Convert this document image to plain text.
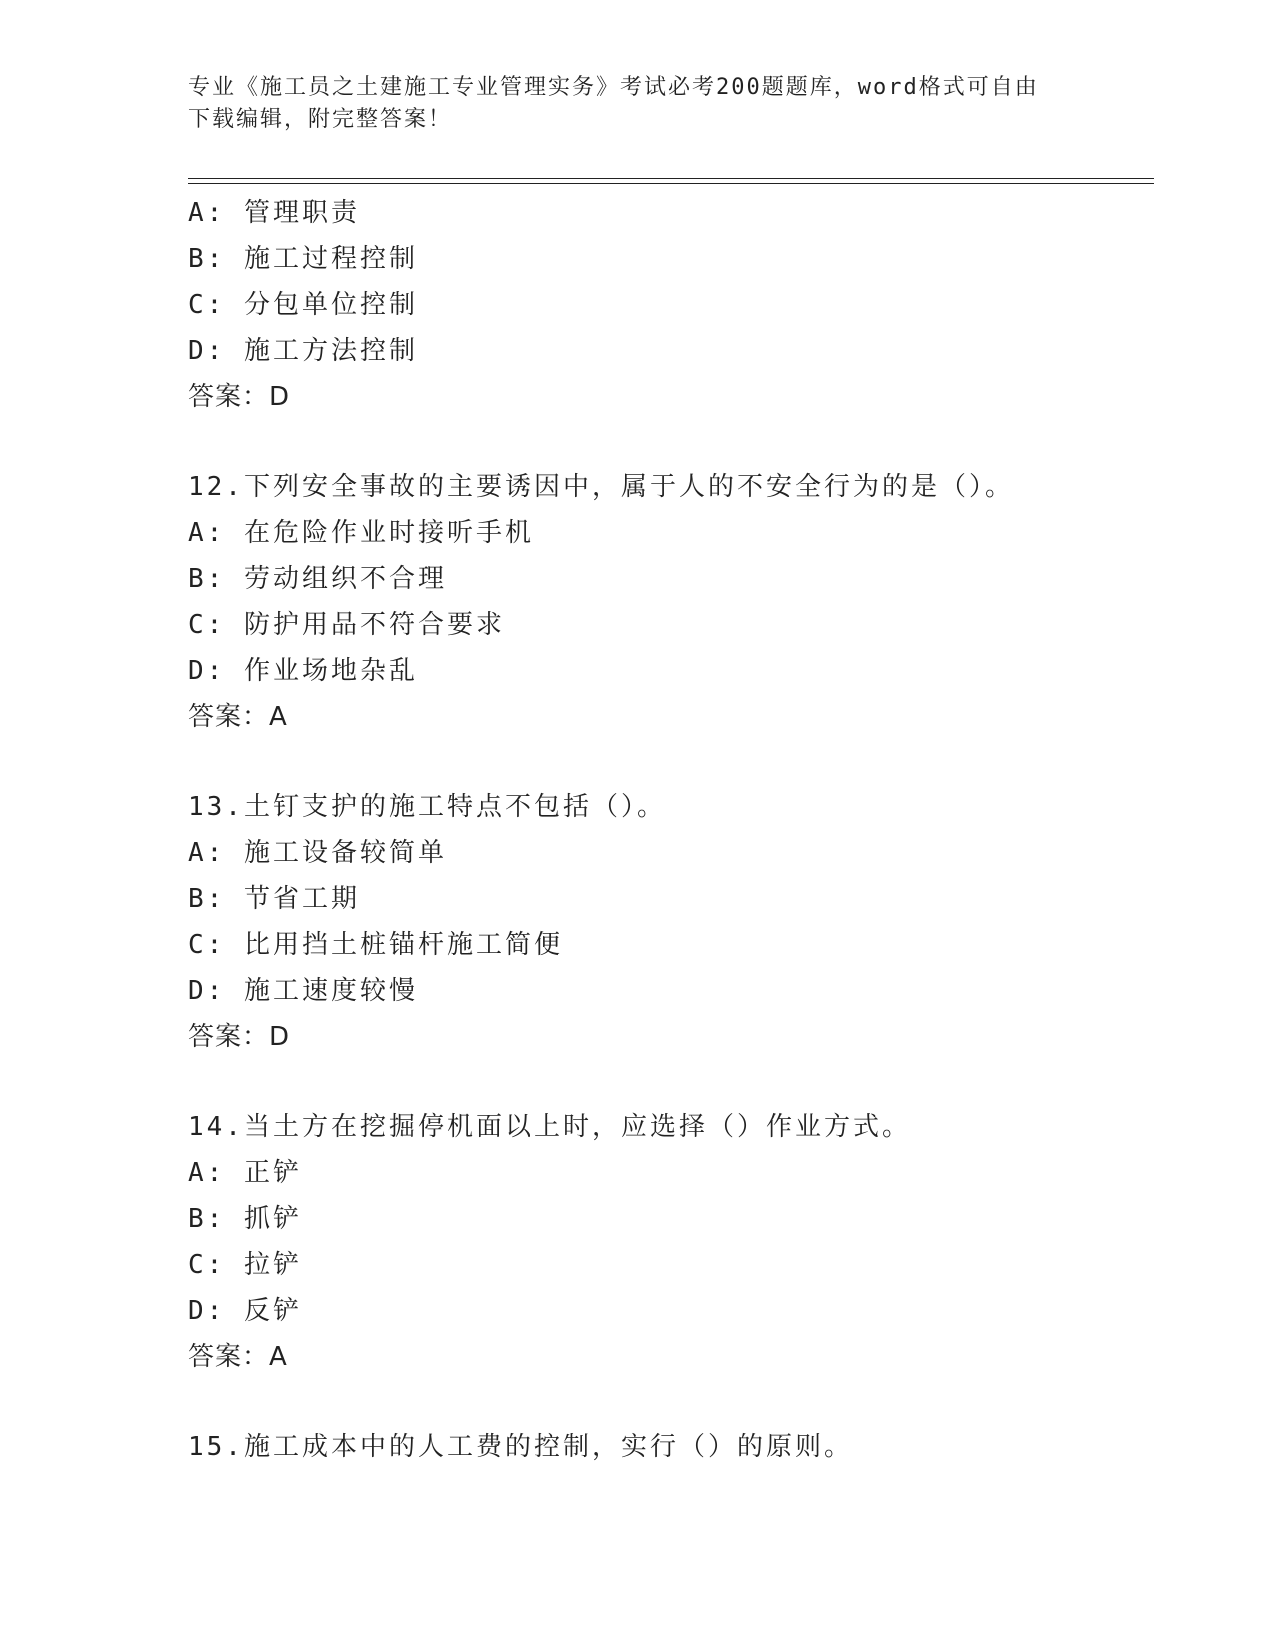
专业《施工员之土建施工专业管理实务》考试必考200题题库，word格式可自由
下载编辑，附完整答案！
A: 管理职责
B: 施工过程控制
C: 分包单位控制
D: 施工方法控制
答案：D
12.下列安全事故的主要诱因中，属于人的不安全行为的是（）。
A: 在危险作业时接听手机
B: 劳动组织不合理
C: 防护用品不符合要求
D: 作业场地杂乱
答案：A
13.土钉支护的施工特点不包括（）。
A: 施工设备较简单
B: 节省工期
C: 比用挡土桩锚杆施工简便
D: 施工速度较慢
答案：D
14.当土方在挖掘停机面以上时，应选择（）作业方式。
A: 正铲
B: 抓铲
C: 拉铲
D: 反铲
答案：A
15.施工成本中的人工费的控制，实行（）的原则。
